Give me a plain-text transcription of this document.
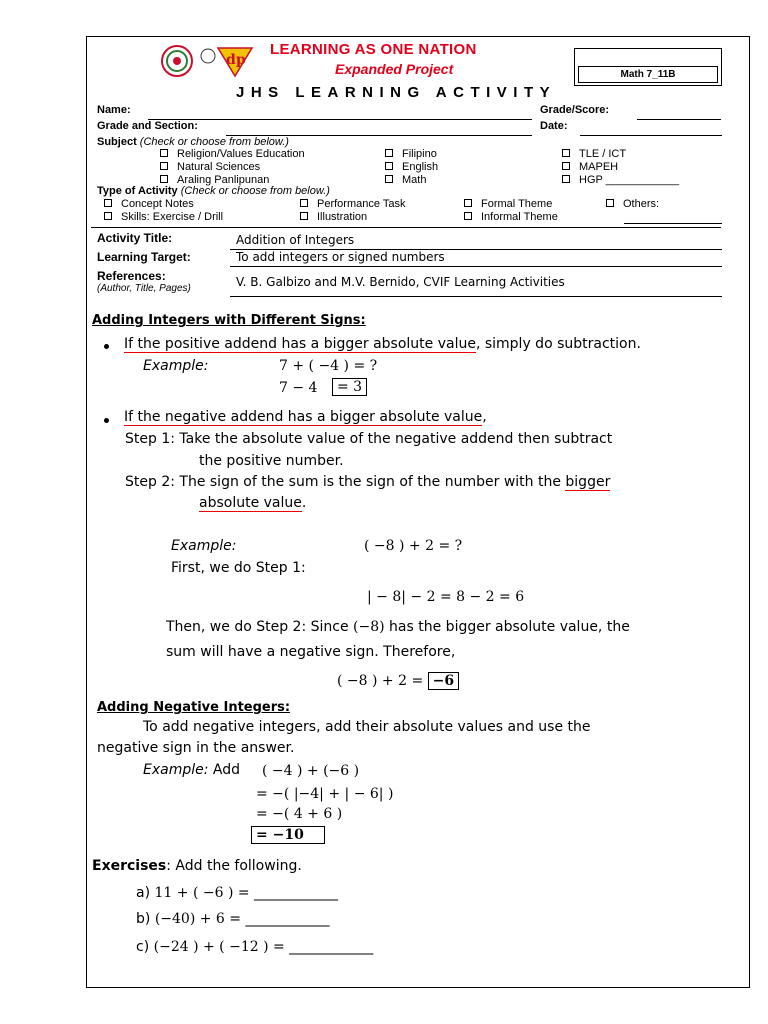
d p
LEARNING AS ONE NATION
Expanded Project	Math 7_11B
JHS LEARNING ACTIVITY
Name:	Grade/Score:
Grade and Section:	Date:
Subject (Check or choose from below.)
Religion/Values Education
Natural Sciences
Araling Panlipunan
Filipino
English
Math
TLE / ICT
MAPEH
HGP ____________
Type of Activity (Check or choose from below.)
Concept Notes
Skills: Exercise / Drill
Performance Task
Illustration
Formal Theme
Informal Theme
Others:
Activity Title:	Addition of Integers
Learning Target:	To add integers or signed numbers
References:
(Author, Title, Pages)	V. B. Galbizo and M.V. Bernido, CVIF Learning Activities
Adding Integers with Different Signs:
If the positive addend has a bigger absolute value, simply do subtraction.
Example:	7 + ( −4 ) = ?
7 − 4	= 3
If the negative addend has a bigger absolute value,
Step 1: Take the absolute value of the negative addend then subtract
the positive number.
Step 2: The sign of the sum is the sign of the number with the bigger
absolute value.
Example:	( −8 ) + 2 = ?
First, we do Step 1:
| − 8| − 2 = 8 − 2 = 6
Then, we do Step 2: Since (−8) has the bigger absolute value, the
sum will have a negative sign. Therefore,
( −8 ) + 2 = −6
Adding Negative Integers:
To add negative integers, add their absolute values and use the
negative sign in the answer.
Example: Add ( −4 ) + (−6 )
= −( |−4| + | − 6| )
= −( 4 + 6 )
= −10
Exercises: Add the following.
a) 11 + ( −6 ) = ____________
b) (−40) + 6 = ____________
c) (−24 ) + ( −12 ) = ____________
